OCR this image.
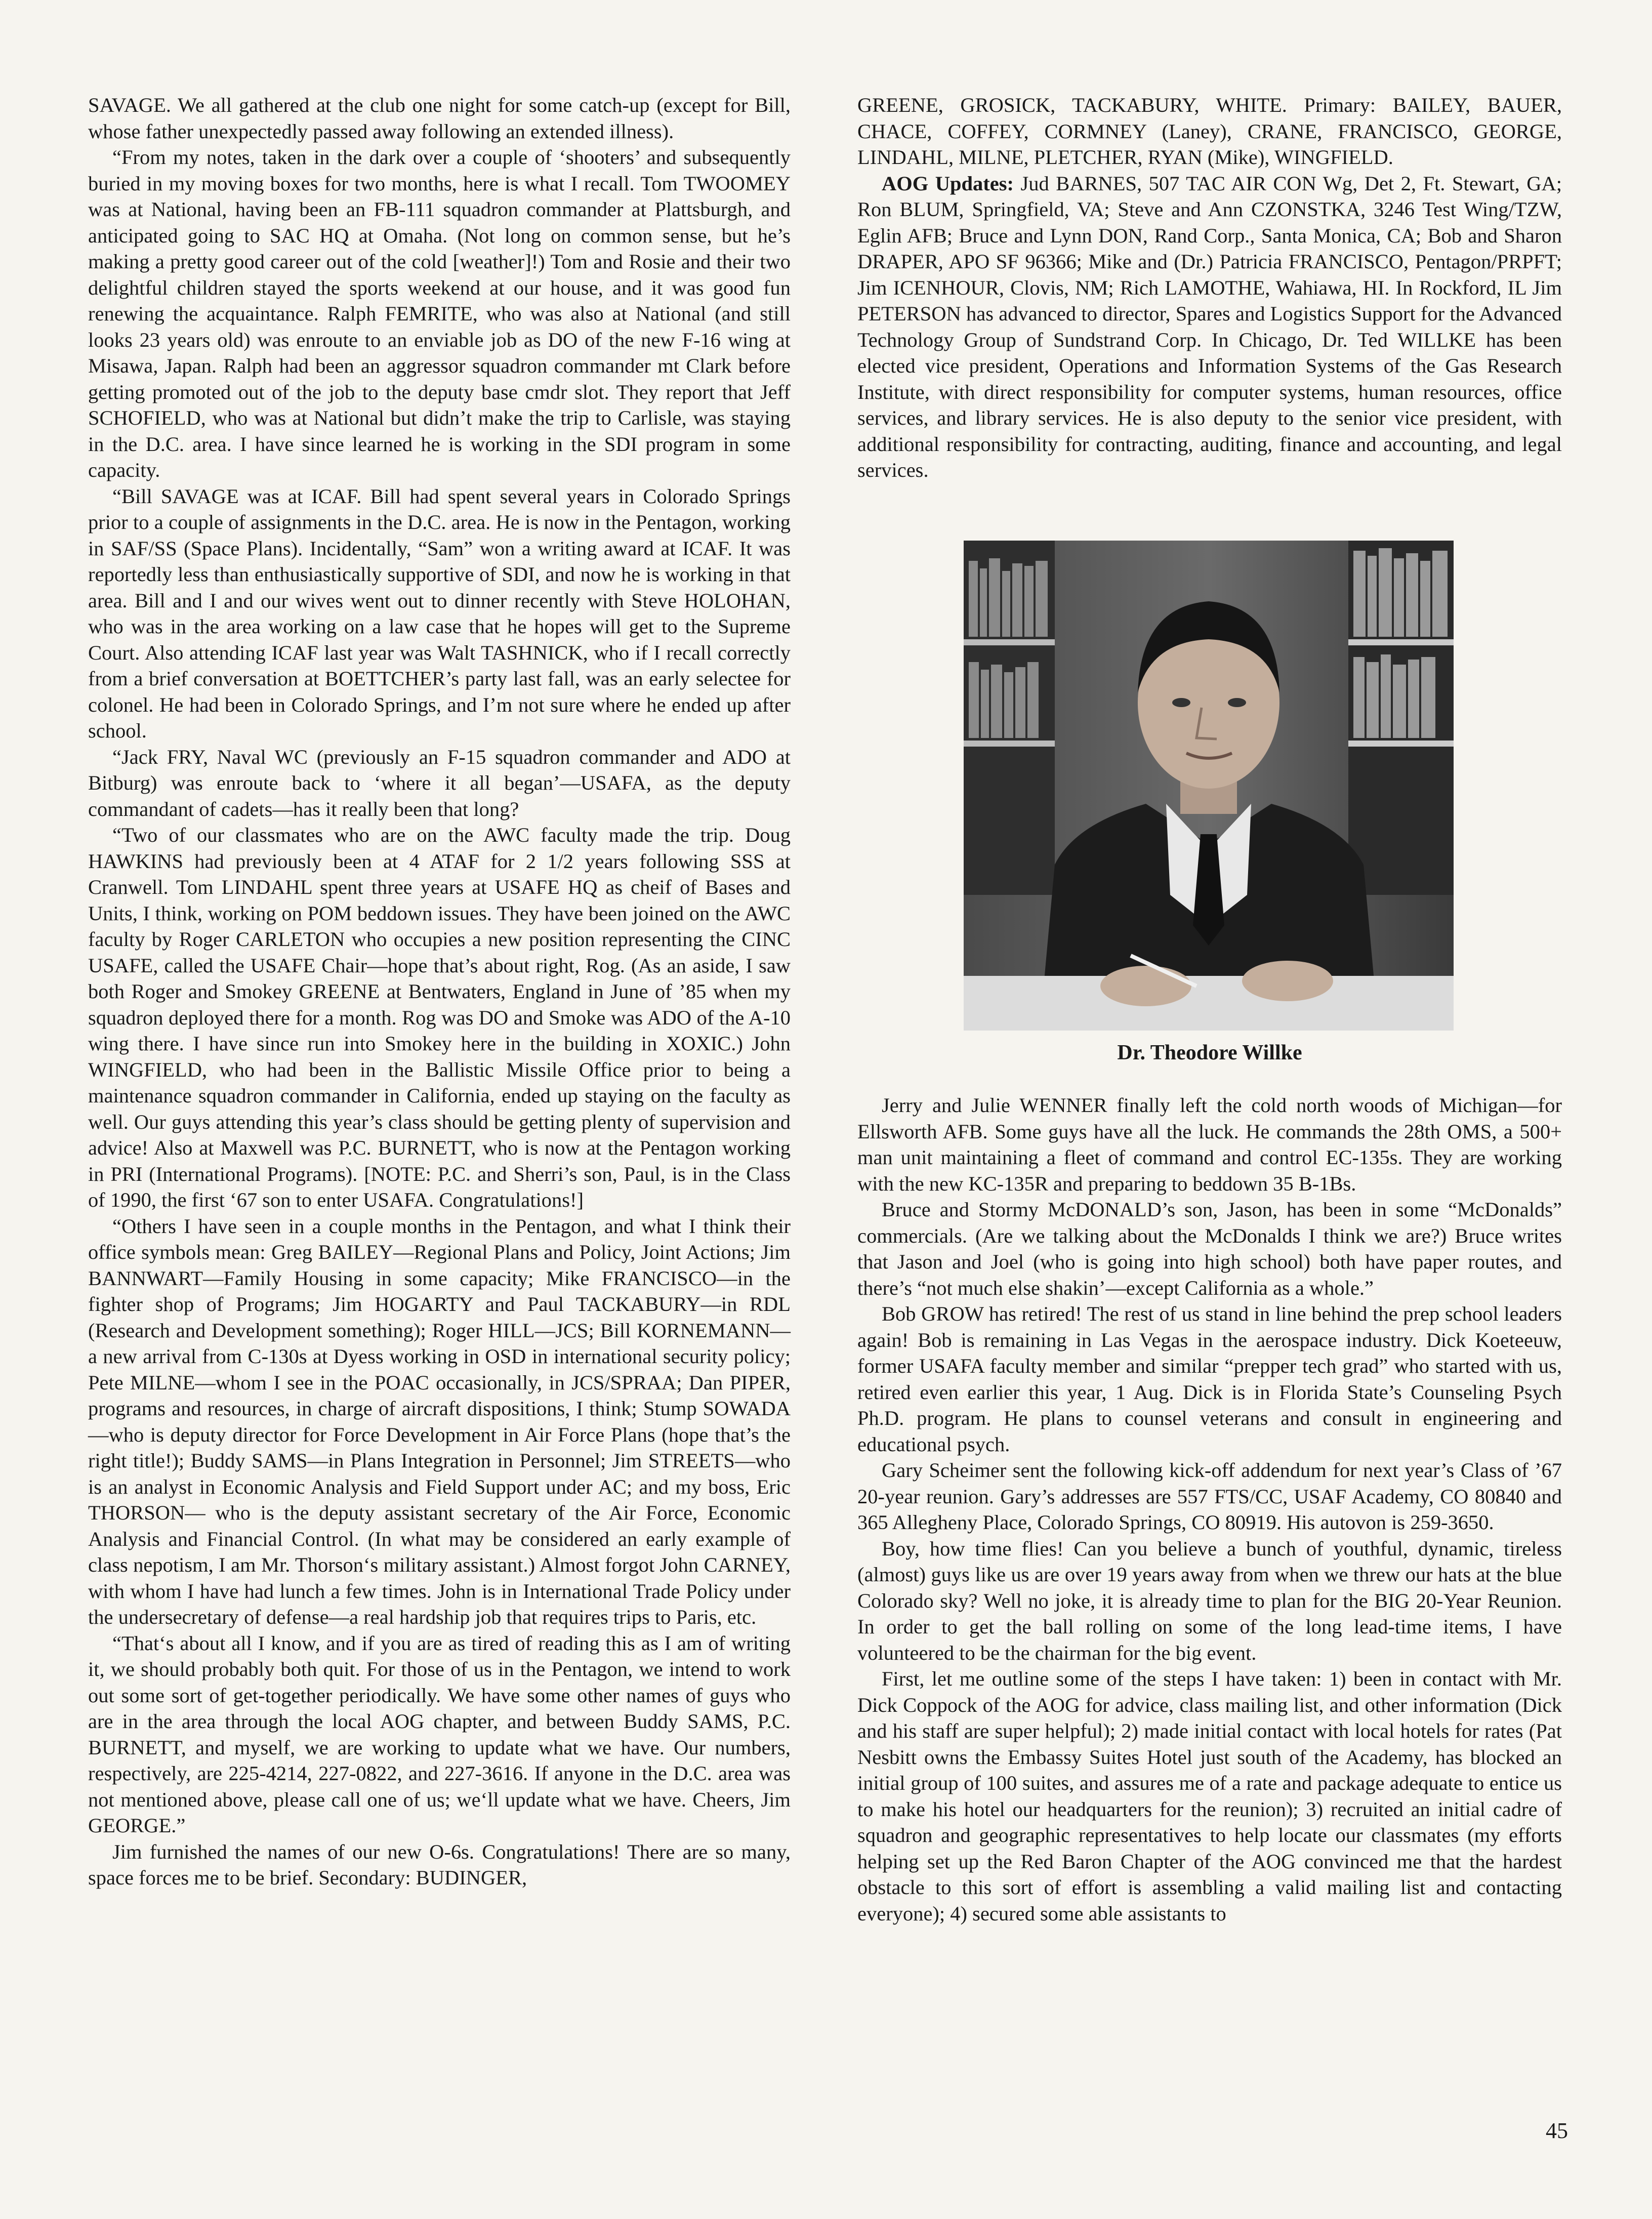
SAVAGE. We all gathered at the club one night for some catch-up (except for Bill, whose father unexpectedly passed away following an extended illness).

“From my notes, taken in the dark over a couple of ‘shooters’ and subsequently buried in my moving boxes for two months, here is what I recall. Tom TWOOMEY was at National, having been an FB-111 squadron commander at Plattsburgh, and anticipated going to SAC HQ at Omaha. (Not long on common sense, but he’s making a pretty good career out of the cold [weather]!) Tom and Rosie and their two delightful children stayed the sports weekend at our house, and it was good fun renewing the acquaintance. Ralph FEMRITE, who was also at National (and still looks 23 years old) was enroute to an enviable job as DO of the new F-16 wing at Misawa, Japan. Ralph had been an aggressor squadron commander mt Clark before getting promoted out of the job to the deputy base cmdr slot. They report that Jeff SCHOFIELD, who was at National but didn’t make the trip to Carlisle, was staying in the D.C. area. I have since learned he is working in the SDI program in some capacity.

“Bill SAVAGE was at ICAF. Bill had spent several years in Colorado Springs prior to a couple of assignments in the D.C. area. He is now in the Pentagon, working in SAF/SS (Space Plans). Incidentally, “Sam” won a writing award at ICAF. It was reportedly less than enthusiastically supportive of SDI, and now he is working in that area. Bill and I and our wives went out to dinner recently with Steve HOLOHAN, who was in the area working on a law case that he hopes will get to the Supreme Court. Also attending ICAF last year was Walt TASHNICK, who if I recall correctly from a brief conversation at BOETTCHER’s party last fall, was an early selectee for colonel. He had been in Colorado Springs, and I’m not sure where he ended up after school.

“Jack FRY, Naval WC (previously an F-15 squadron commander and ADO at Bitburg) was enroute back to ‘where it all began’—USAFA, as the deputy commandant of cadets—has it really been that long?

“Two of our classmates who are on the AWC faculty made the trip. Doug HAWKINS had previously been at 4 ATAF for 2 1/2 years following SSS at Cranwell. Tom LINDAHL spent three years at USAFE HQ as cheif of Bases and Units, I think, working on POM beddown issues. They have been joined on the AWC faculty by Roger CARLETON who occupies a new position representing the CINC USAFE, called the USAFE Chair—hope that’s about right, Rog. (As an aside, I saw both Roger and Smokey GREENE at Bentwaters, England in June of ’85 when my squadron deployed there for a month. Rog was DO and Smoke was ADO of the A-10 wing there. I have since run into Smokey here in the building in XOXIC.) John WINGFIELD, who had been in the Ballistic Missile Office prior to being a maintenance squadron commander in California, ended up staying on the faculty as well. Our guys attending this year’s class should be getting plenty of supervision and advice! Also at Maxwell was P.C. BURNETT, who is now at the Pentagon working in PRI (International Programs). [NOTE: P.C. and Sherri’s son, Paul, is in the Class of 1990, the first ‘67 son to enter USAFA. Congratulations!]

“Others I have seen in a couple months in the Pentagon, and what I think their office symbols mean: Greg BAILEY—Regional Plans and Policy, Joint Actions; Jim BANNWART—Family Housing in some capacity; Mike FRANCISCO—in the fighter shop of Programs; Jim HOGARTY and Paul TACKABURY—in RDL (Research and Development something); Roger HILL—JCS; Bill KORNEMANN—a new arrival from C-130s at Dyess working in OSD in international security policy; Pete MILNE—whom I see in the POAC occasionally, in JCS/SPRAA; Dan PIPER, programs and resources, in charge of aircraft dispositions, I think; Stump SOWADA—who is deputy director for Force Development in Air Force Plans (hope that’s the right title!); Buddy SAMS—in Plans Integration in Personnel; Jim STREETS—who is an analyst in Economic Analysis and Field Support under AC; and my boss, Eric THORSON— who is the deputy assistant secretary of the Air Force, Economic Analysis and Financial Control. (In what may be considered an early example of class nepotism, I am Mr. Thorson‘s military assistant.) Almost forgot John CARNEY, with whom I have had lunch a few times. John is in International Trade Policy under the undersecretary of defense—a real hardship job that requires trips to Paris, etc.

“That‘s about all I know, and if you are as tired of reading this as I am of writing it, we should probably both quit. For those of us in the Pentagon, we intend to work out some sort of get-together periodically. We have some other names of guys who are in the area through the local AOG chapter, and between Buddy SAMS, P.C. BURNETT, and myself, we are working to update what we have. Our numbers, respectively, are 225-4214, 227-0822, and 227-3616. If anyone in the D.C. area was not mentioned above, please call one of us; we‘ll update what we have. Cheers, Jim GEORGE.”

Jim furnished the names of our new O-6s. Congratulations! There are so many, space forces me to be brief. Secondary: BUDINGER,

GREENE, GROSICK, TACKABURY, WHITE. Primary: BAILEY, BAUER, CHACE, COFFEY, CORMNEY (Laney), CRANE, FRANCISCO, GEORGE, LINDAHL, MILNE, PLETCHER, RYAN (Mike), WINGFIELD.

AOG Updates: Jud BARNES, 507 TAC AIR CON Wg, Det 2, Ft. Stewart, GA; Ron BLUM, Springfield, VA; Steve and Ann CZONSTKA, 3246 Test Wing/TZW, Eglin AFB; Bruce and Lynn DON, Rand Corp., Santa Monica, CA; Bob and Sharon DRAPER, APO SF 96366; Mike and (Dr.) Patricia FRANCISCO, Pentagon/PRPFT; Jim ICENHOUR, Clovis, NM; Rich LAMOTHE, Wahiawa, HI. In Rockford, IL Jim PETERSON has advanced to director, Spares and Logistics Support for the Advanced Technology Group of Sundstrand Corp. In Chicago, Dr. Ted WILLKE has been elected vice president, Operations and Information Systems of the Gas Research Institute, with direct responsibility for computer systems, human resources, office services, and library services. He is also deputy to the senior vice president, with additional responsibility for contracting, auditing, finance and accounting, and legal services.

Dr. Theodore Willke

Jerry and Julie WENNER finally left the cold north woods of Michigan—for Ellsworth AFB. Some guys have all the luck. He commands the 28th OMS, a 500+ man unit maintaining a fleet of command and control EC-135s. They are working with the new KC-135R and preparing to beddown 35 B-1Bs.

Bruce and Stormy McDONALD’s son, Jason, has been in some “McDonalds” commercials. (Are we talking about the McDonalds I think we are?) Bruce writes that Jason and Joel (who is going into high school) both have paper routes, and there’s “not much else shakin’—except California as a whole.”

Bob GROW has retired! The rest of us stand in line behind the prep school leaders again! Bob is remaining in Las Vegas in the aerospace industry. Dick Koeteeuw, former USAFA faculty member and similar “prepper tech grad” who started with us, retired even earlier this year, 1 Aug. Dick is in Florida State’s Counseling Psych Ph.D. program. He plans to counsel veterans and consult in engineering and educational psych.

Gary Scheimer sent the following kick-off addendum for next year’s Class of ’67 20-year reunion. Gary’s addresses are 557 FTS/CC, USAF Academy, CO 80840 and 365 Allegheny Place, Colorado Springs, CO 80919. His autovon is 259-3650.

Boy, how time flies! Can you believe a bunch of youthful, dynamic, tireless (almost) guys like us are over 19 years away from when we threw our hats at the blue Colorado sky? Well no joke, it is already time to plan for the BIG 20-Year Reunion. In order to get the ball rolling on some of the long lead-time items, I have volunteered to be the chairman for the big event.

First, let me outline some of the steps I have taken: 1) been in contact with Mr. Dick Coppock of the AOG for advice, class mailing list, and other information (Dick and his staff are super helpful); 2) made initial contact with local hotels for rates (Pat Nesbitt owns the Embassy Suites Hotel just south of the Academy, has blocked an initial group of 100 suites, and assures me of a rate and package adequate to entice us to make his hotel our headquarters for the reunion); 3) recruited an initial cadre of squadron and geographic representatives to help locate our classmates (my efforts helping set up the Red Baron Chapter of the AOG convinced me that the hardest obstacle to this sort of effort is assembling a valid mailing list and contacting everyone); 4) secured some able assistants to

45
